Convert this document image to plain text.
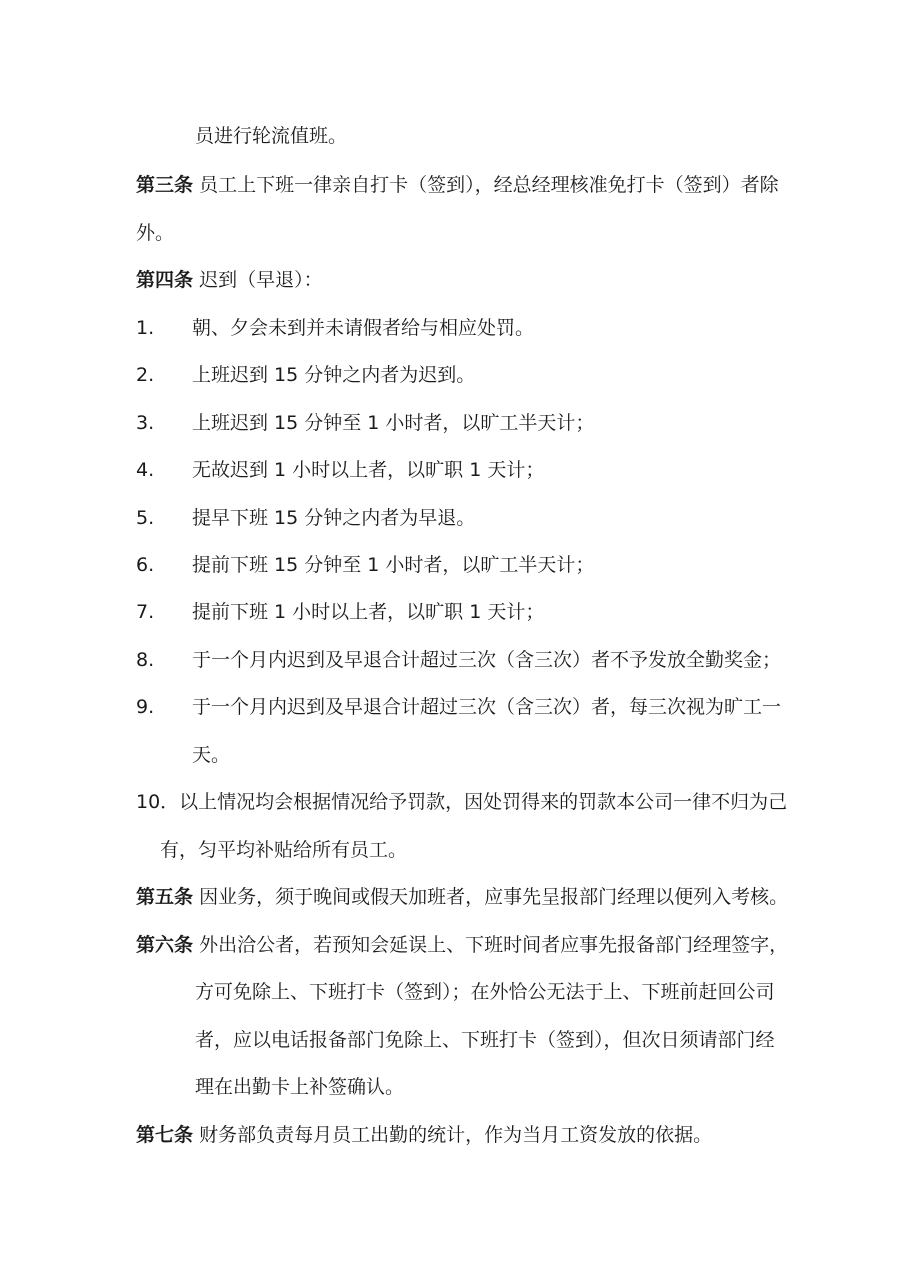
员进行轮流值班。
第三条 员工上下班一律亲自打卡（签到），经总经理核准免打卡（签到）者除
外。
第四条 迟到（早退）：
1. 朝、夕会未到并未请假者给与相应处罚。
2. 上班迟到 15 分钟之内者为迟到。
3. 上班迟到 15 分钟至 1 小时者，以旷工半天计；
4. 无故迟到 1 小时以上者，以旷职 1 天计；
5. 提早下班 15 分钟之内者为早退。
6. 提前下班 15 分钟至 1 小时者，以旷工半天计；
7. 提前下班 1 小时以上者，以旷职 1 天计；
8. 于一个月内迟到及早退合计超过三次（含三次）者不予发放全勤奖金；
9. 于一个月内迟到及早退合计超过三次（含三次）者，每三次视为旷工一
天。
10．以上情况均会根据情况给予罚款，因处罚得来的罚款本公司一律不归为己
有，匀平均补贴给所有员工。
第五条 因业务，须于晚间或假天加班者，应事先呈报部门经理以便列入考核。
第六条 外出洽公者，若预知会延误上、下班时间者应事先报备部门经理签字，
方可免除上、下班打卡（签到）；在外恰公无法于上、下班前赶回公司
者，应以电话报备部门免除上、下班打卡（签到），但次日须请部门经
理在出勤卡上补签确认。
第七条 财务部负责每月员工出勤的统计，作为当月工资发放的依据。
